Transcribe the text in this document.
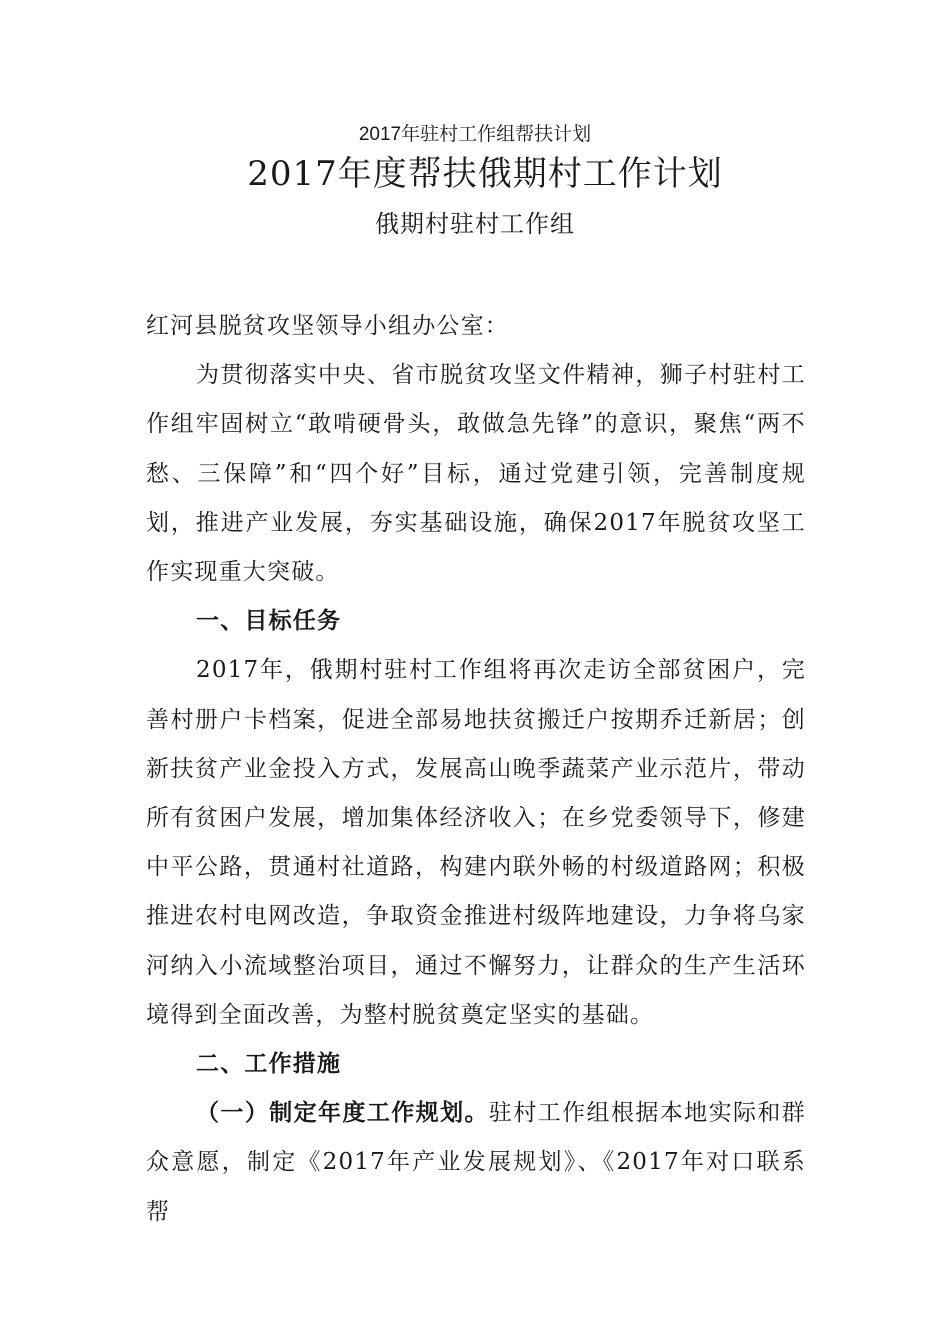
2017年驻村工作组帮扶计划
2017年度帮扶俄期村工作计划
俄期村驻村工作组

红河县脱贫攻坚领导小组办公室：

为贯彻落实中央、省市脱贫攻坚文件精神，狮子村驻村工作组牢固树立“敢啃硬骨头，敢做急先锋”的意识，聚焦“两不愁、三保障”和“四个好”目标，通过党建引领，完善制度规划，推进产业发展，夯实基础设施，确保2017年脱贫攻坚工作实现重大突破。

一、目标任务

2017年，俄期村驻村工作组将再次走访全部贫困户，完善村册户卡档案，促进全部易地扶贫搬迁户按期乔迁新居；创新扶贫产业金投入方式，发展高山晚季蔬菜产业示范片，带动所有贫困户发展，增加集体经济收入；在乡党委领导下，修建中平公路，贯通村社道路，构建内联外畅的村级道路网；积极推进农村电网改造，争取资金推进村级阵地建设，力争将乌家河纳入小流域整治项目，通过不懈努力，让群众的生产生活环境得到全面改善，为整村脱贫奠定坚实的基础。

二、工作措施

（一）制定年度工作规划。驻村工作组根据本地实际和群众意愿，制定《2017年产业发展规划》、《2017年对口联系帮
